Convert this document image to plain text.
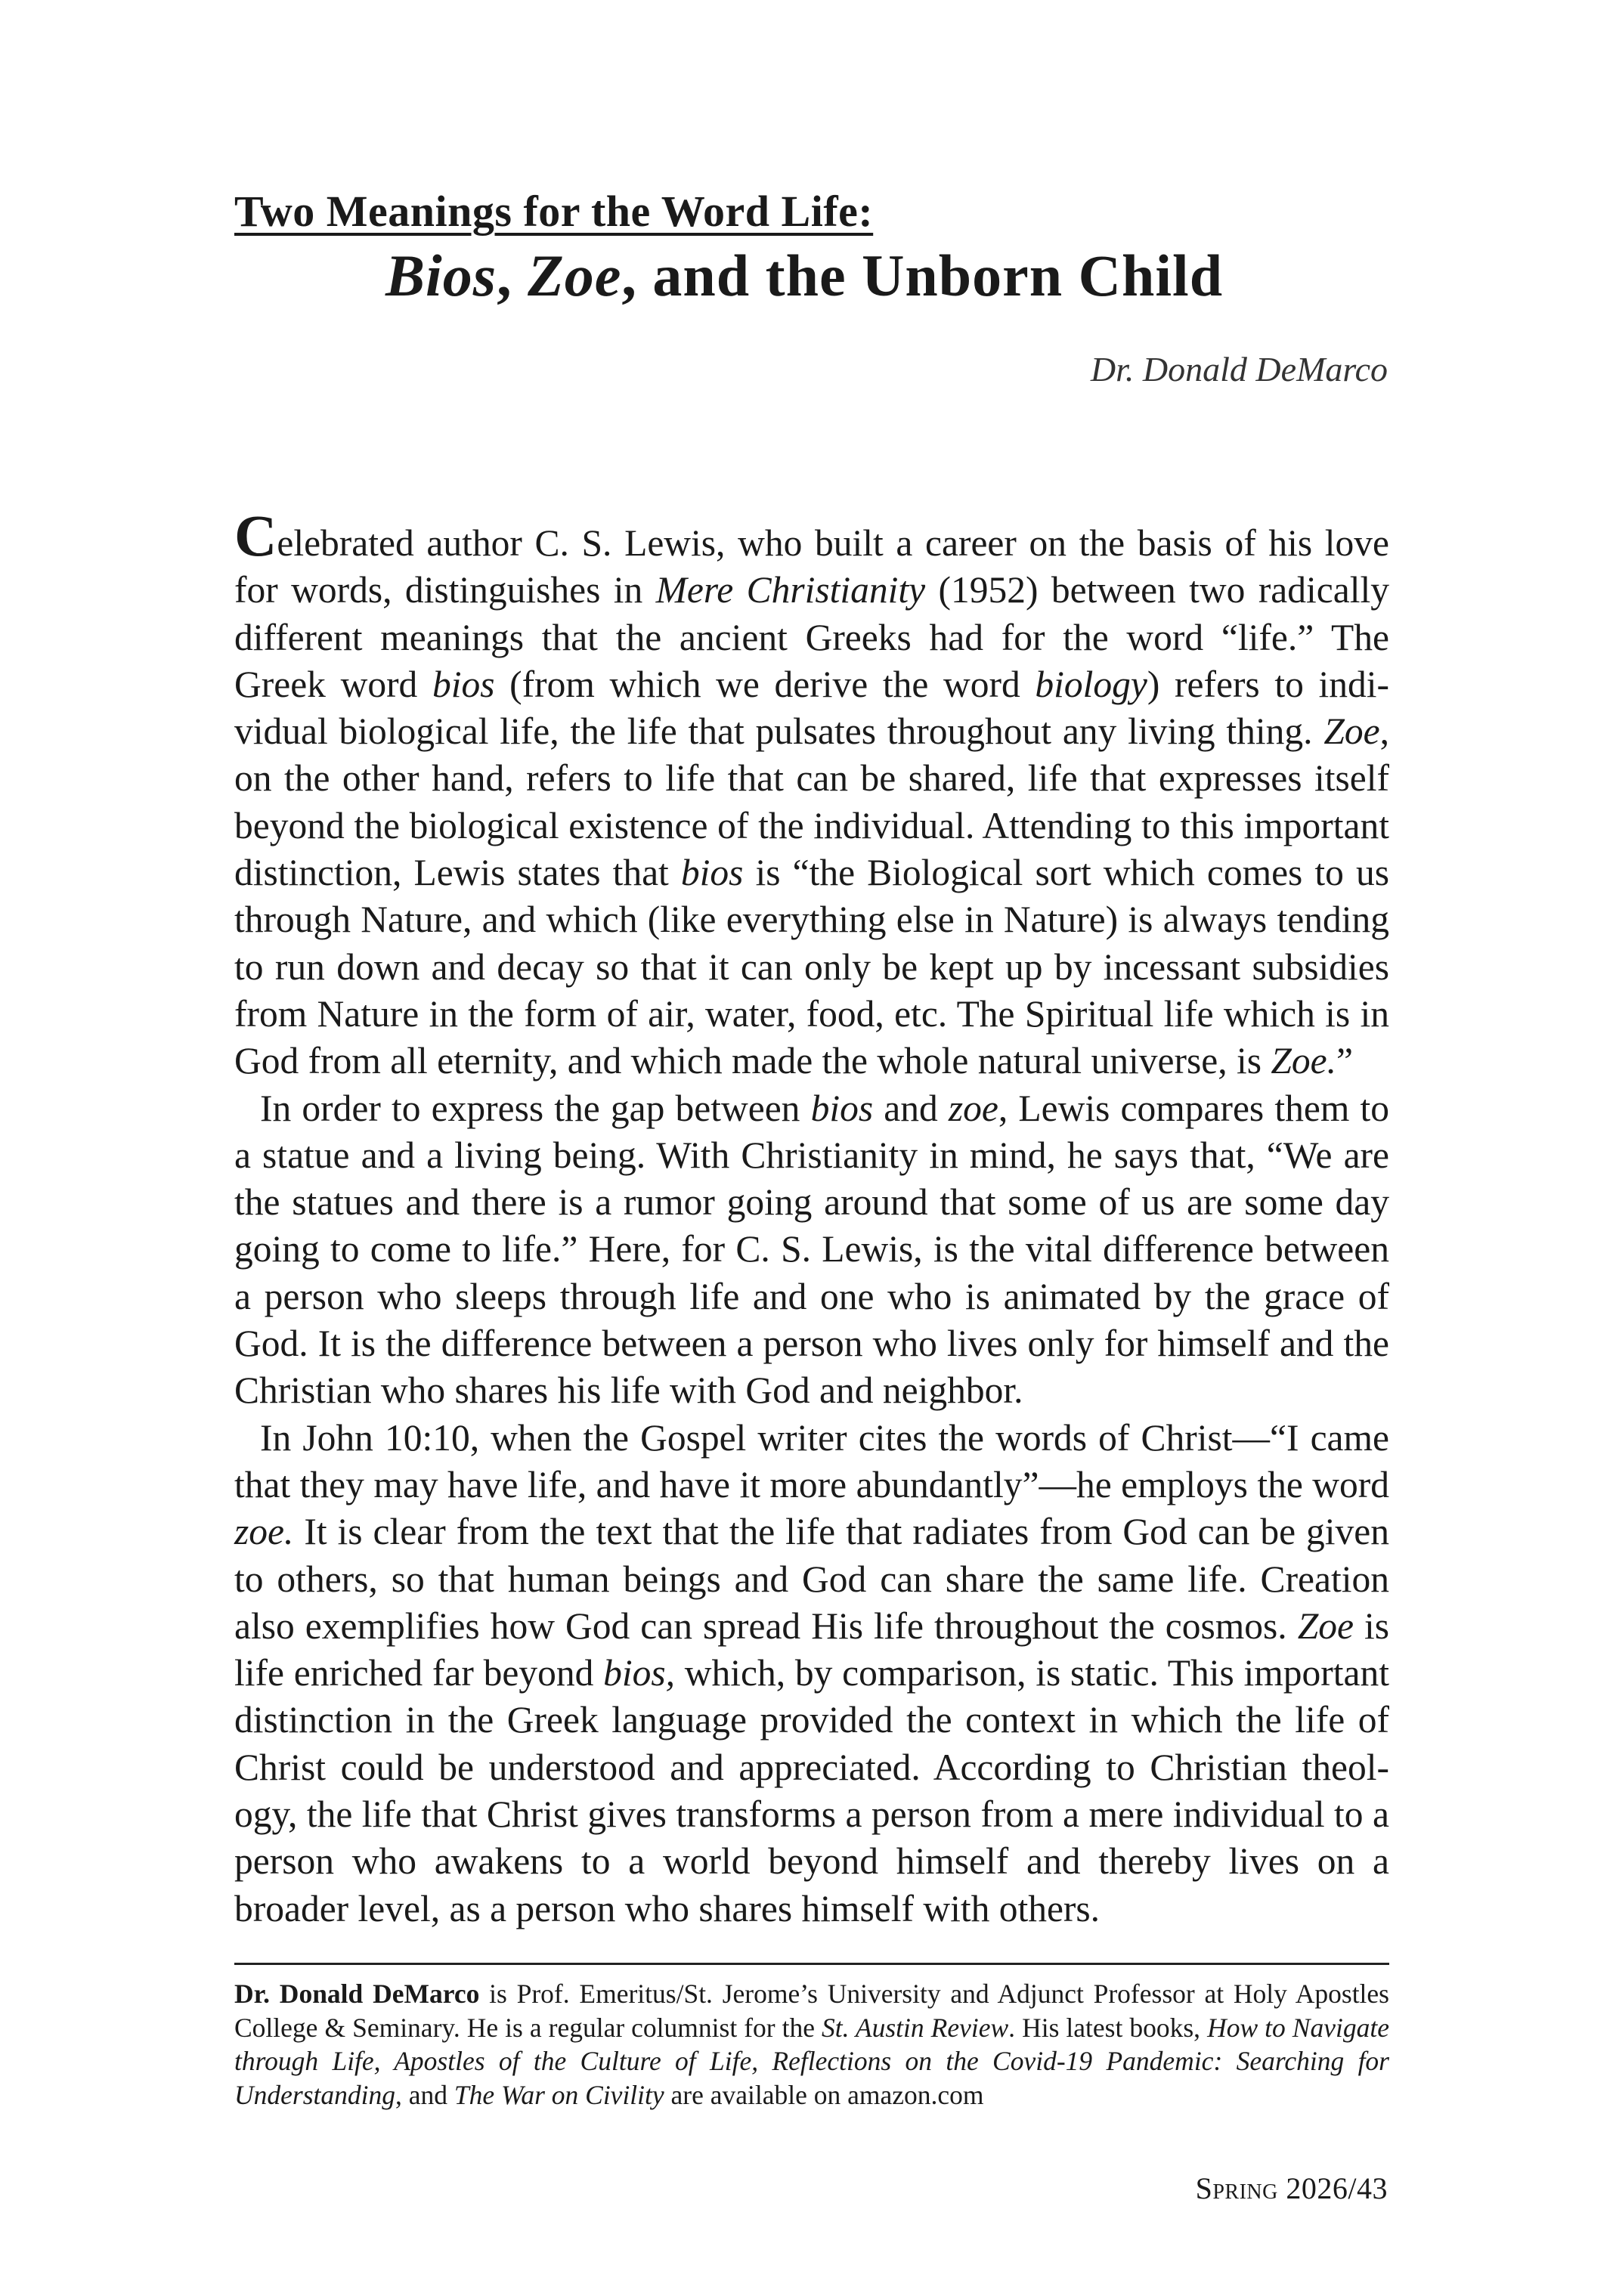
Two Meanings for the Word Life:
Bios, Zoe, and the Unborn Child
Dr. Donald DeMarco

Celebrated author C. S. Lewis, who built a career on the basis of his love for words, distinguishes in Mere Christianity (1952) between two radically different meanings that the ancient Greeks had for the word “life.” The Greek word bios (from which we derive the word biology) refers to individual biological life, the life that pulsates throughout any living thing. Zoe, on the other hand, refers to life that can be shared, life that expresses itself beyond the biological existence of the individual. Attending to this important distinction, Lewis states that bios is “the Biological sort which comes to us through Nature, and which (like everything else in Nature) is always tending to run down and decay so that it can only be kept up by incessant subsidies from Nature in the form of air, water, food, etc. The Spiritual life which is in God from all eternity, and which made the whole natural universe, is Zoe.”

In order to express the gap between bios and zoe, Lewis compares them to a statue and a living being. With Christianity in mind, he says that, “We are the statues and there is a rumor going around that some of us are some day going to come to life.” Here, for C. S. Lewis, is the vital difference between a person who sleeps through life and one who is animated by the grace of God. It is the difference between a person who lives only for himself and the Christian who shares his life with God and neighbor.

In John 10:10, when the Gospel writer cites the words of Christ—“I came that they may have life, and have it more abundantly”—he employs the word zoe. It is clear from the text that the life that radiates from God can be given to others, so that human beings and God can share the same life. Creation also exemplifies how God can spread His life throughout the cosmos. Zoe is life enriched far beyond bios, which, by comparison, is static. This important distinction in the Greek language provided the context in which the life of Christ could be understood and appreciated. According to Christian theology, the life that Christ gives transforms a person from a mere individual to a person who awakens to a world beyond himself and thereby lives on a broader level, as a person who shares himself with others.

Dr. Donald DeMarco is Prof. Emeritus/St. Jerome’s University and Adjunct Professor at Holy Apostles College & Seminary. He is a regular columnist for the St. Austin Review. His latest books, How to Navigate through Life, Apostles of the Culture of Life, Reflections on the Covid-19 Pandemic: Searching for Understanding, and The War on Civility are available on amazon.com
Spring 2026/43
